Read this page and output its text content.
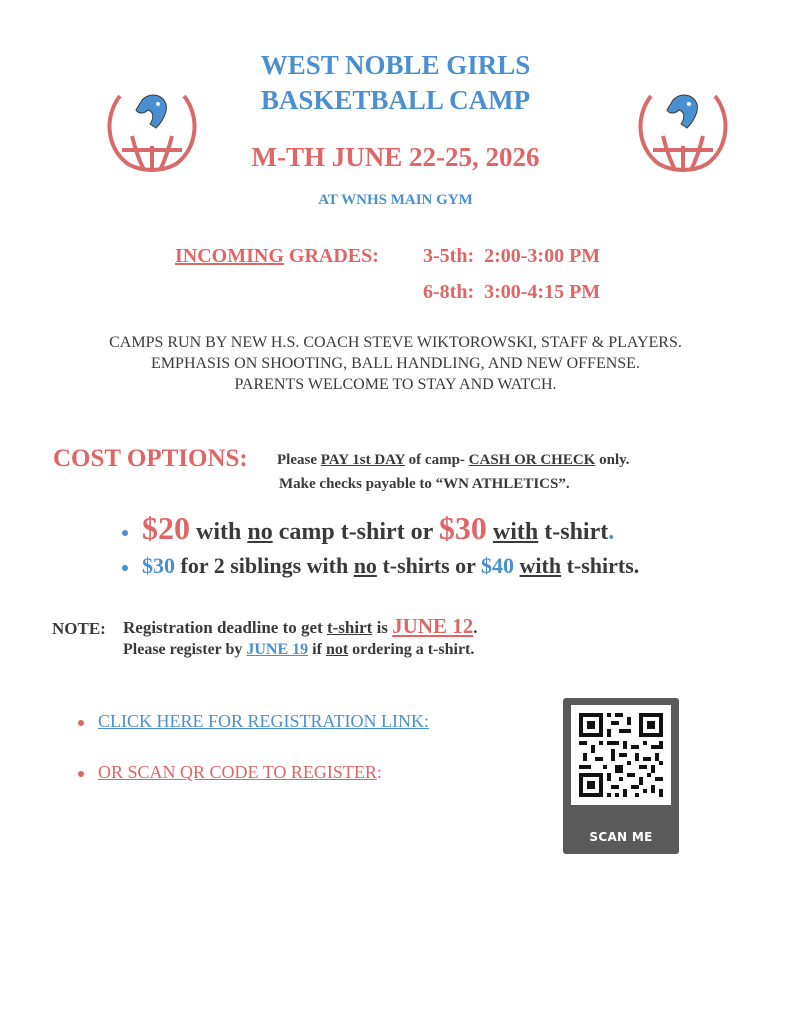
WEST NOBLE GIRLS
BASKETBALL CAMP
M-TH JUNE 22-25, 2026
AT WNHS MAIN GYM
INCOMING GRADES: 3-5th: 2:00-3:00 PM
6-8th: 3:00-4:15 PM
CAMPS RUN BY NEW H.S. COACH STEVE WIKTOROWSKI, STAFF & PLAYERS.
EMPHASIS ON SHOOTING, BALL HANDLING, AND NEW OFFENSE.
PARENTS WELCOME TO STAY AND WATCH.
COST OPTIONS: Please PAY 1st DAY of camp- CASH OR CHECK only.
Make checks payable to “WN ATHLETICS”.
$20 with no camp t-shirt or $30 with t-shirt.
$30 for 2 siblings with no t-shirts or $40 with t-shirts.
NOTE: Registration deadline to get t-shirt is JUNE 12.
Please register by JUNE 19 if not ordering a t-shirt.
CLICK HERE FOR REGISTRATION LINK:
OR SCAN QR CODE TO REGISTER:
SCAN ME
